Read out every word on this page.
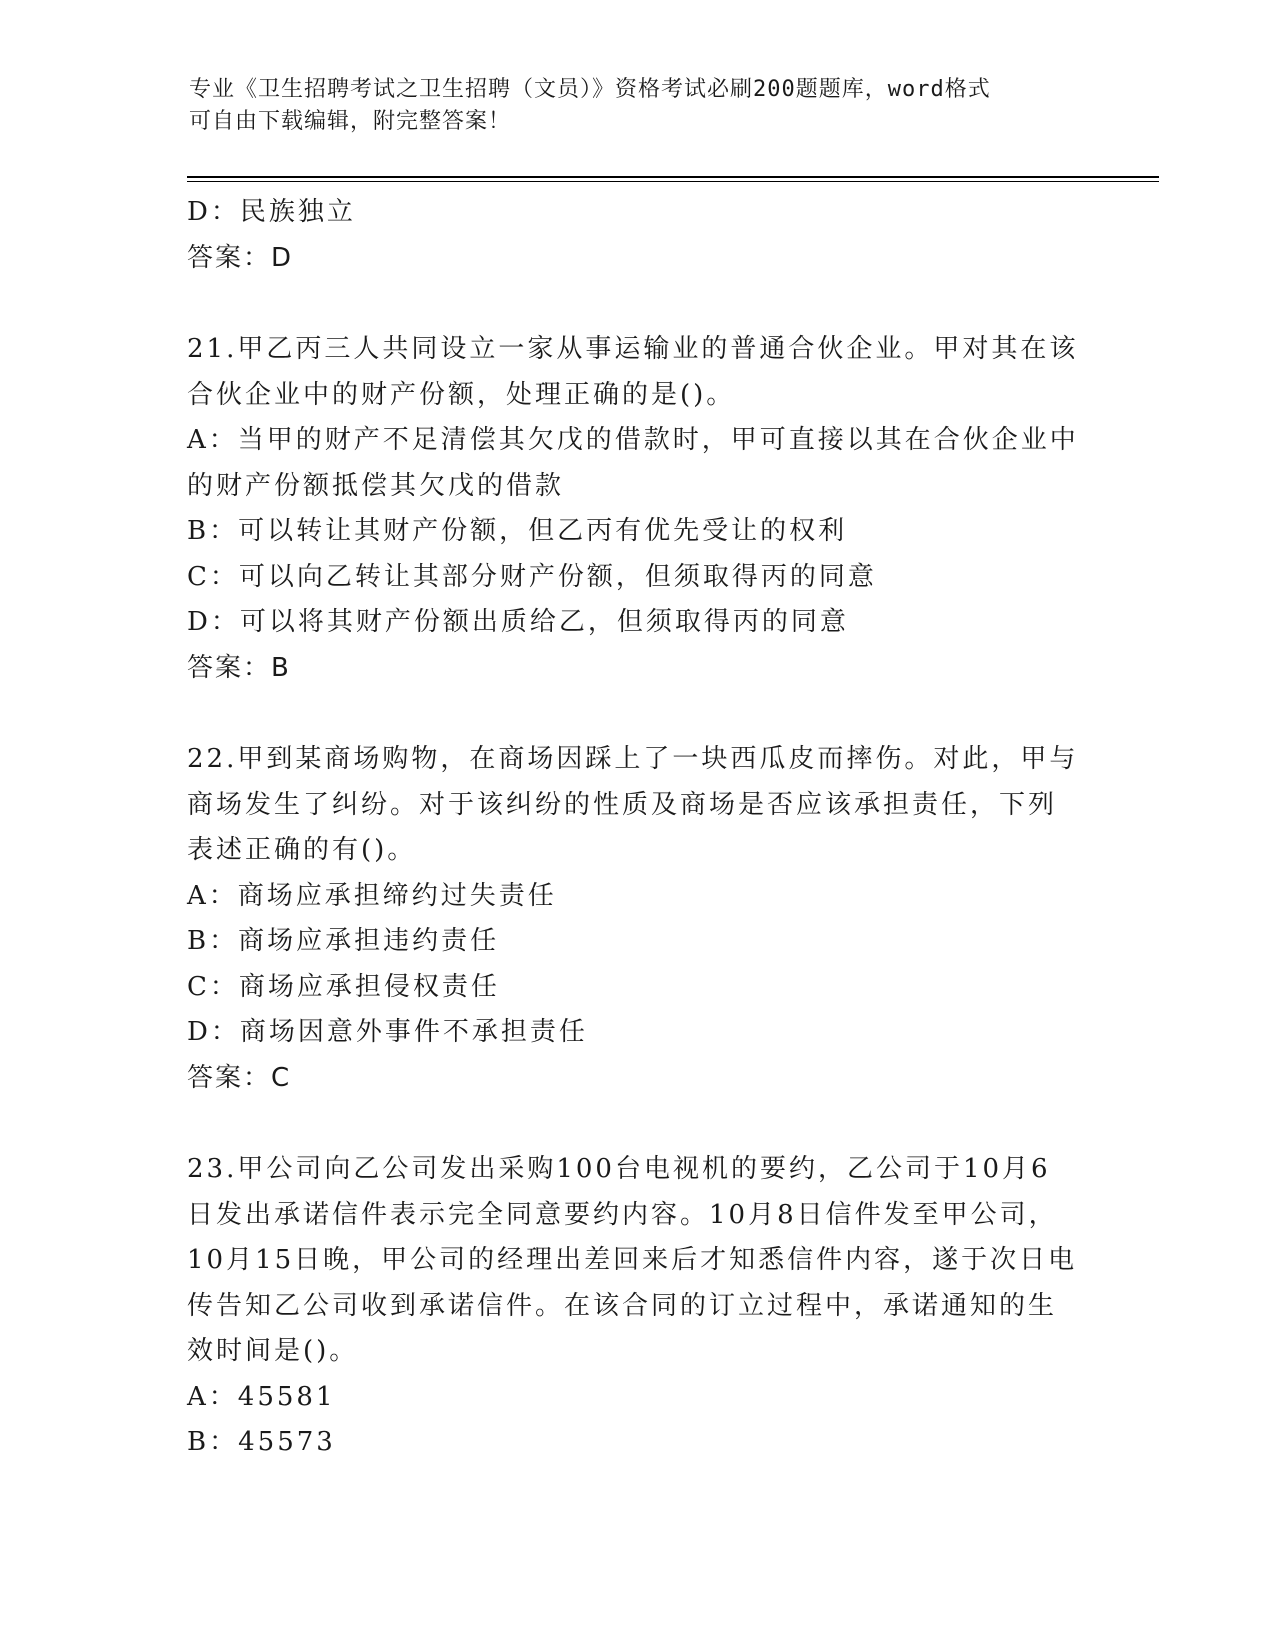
专业《卫生招聘考试之卫生招聘（文员）》资格考试必刷200题题库，word格式
可自由下载编辑，附完整答案！
D：民族独立
答案：D
21.甲乙丙三人共同设立一家从事运输业的普通合伙企业。甲对其在该
合伙企业中的财产份额，处理正确的是()。
A：当甲的财产不足清偿其欠戊的借款时，甲可直接以其在合伙企业中
的财产份额抵偿其欠戊的借款
B：可以转让其财产份额，但乙丙有优先受让的权利
C：可以向乙转让其部分财产份额，但须取得丙的同意
D：可以将其财产份额出质给乙，但须取得丙的同意
答案：B
22.甲到某商场购物，在商场因踩上了一块西瓜皮而摔伤。对此，甲与
商场发生了纠纷。对于该纠纷的性质及商场是否应该承担责任，下列
表述正确的有()。
A：商场应承担缔约过失责任
B：商场应承担违约责任
C：商场应承担侵权责任
D：商场因意外事件不承担责任
答案：C
23.甲公司向乙公司发出采购100台电视机的要约，乙公司于10月6
日发出承诺信件表示完全同意要约内容。10月8日信件发至甲公司，
10月15日晚，甲公司的经理出差回来后才知悉信件内容，遂于次日电
传告知乙公司收到承诺信件。在该合同的订立过程中，承诺通知的生
效时间是()。
A：45581
B：45573
